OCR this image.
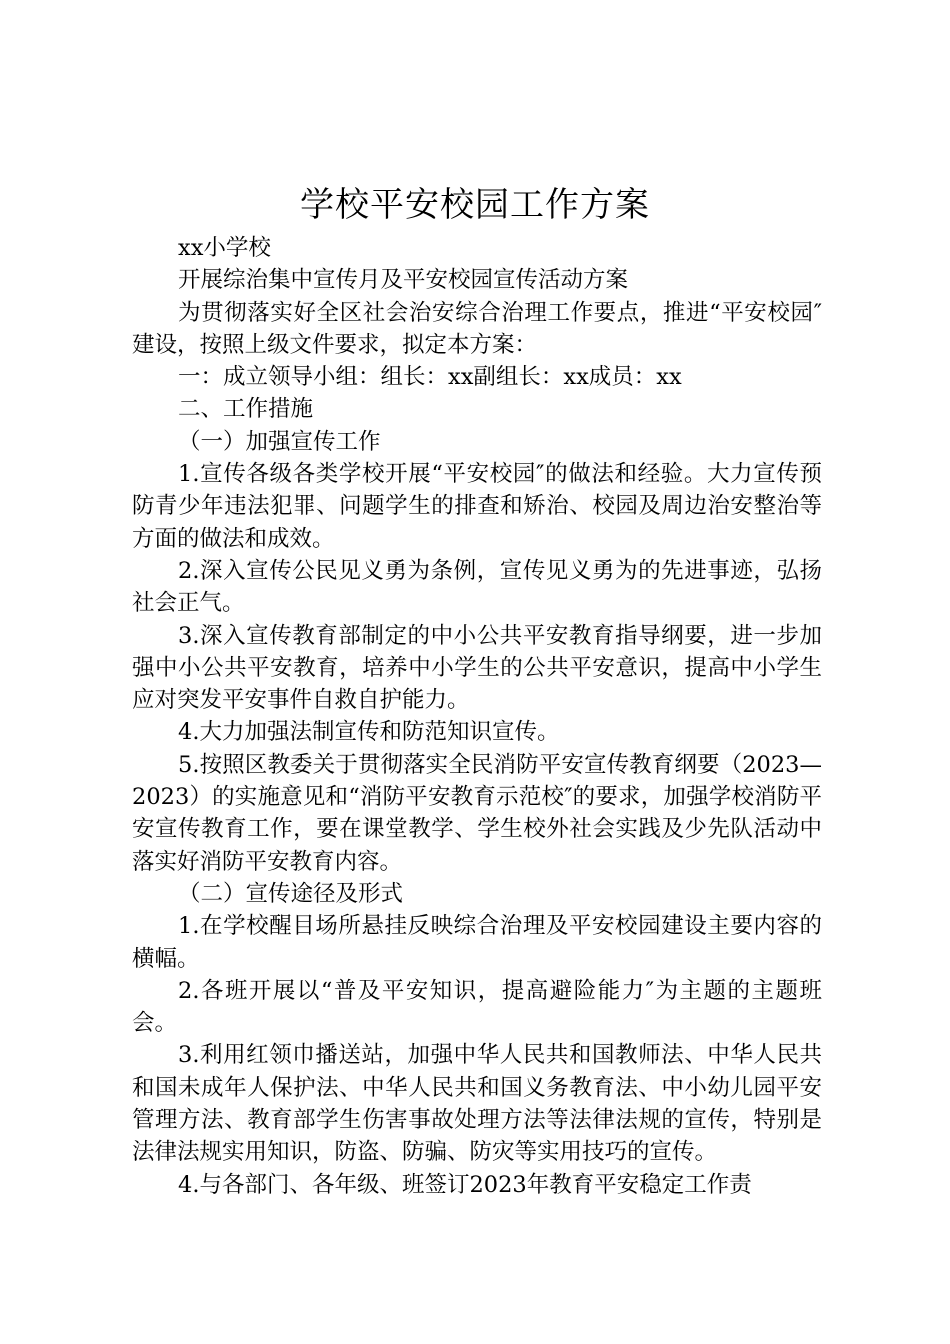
学校平安校园工作方案

xx小学校

开展综治集中宣传月及平安校园宣传活动方案

为贯彻落实好全区社会治安综合治理工作要点，推进“平安校园″建设，按照上级文件要求，拟定本方案：

一：成立领导小组：组长：xx副组长：xx成员：xx

二、工作措施

（一）加强宣传工作

1.宣传各级各类学校开展“平安校园″的做法和经验。大力宣传预防青少年违法犯罪、问题学生的排查和矫治、校园及周边治安整治等方面的做法和成效。

2.深入宣传公民见义勇为条例，宣传见义勇为的先进事迹，弘扬社会正气。

3.深入宣传教育部制定的中小公共平安教育指导纲要，进一步加强中小公共平安教育，培养中小学生的公共平安意识，提高中小学生应对突发平安事件自救自护能力。

4.大力加强法制宣传和防范知识宣传。

5.按照区教委关于贯彻落实全民消防平安宣传教育纲要（2023—2023）的实施意见和“消防平安教育示范校″的要求，加强学校消防平安宣传教育工作，要在课堂教学、学生校外社会实践及少先队活动中落实好消防平安教育内容。

（二）宣传途径及形式

1.在学校醒目场所悬挂反映综合治理及平安校园建设主要内容的横幅。

2.各班开展以“普及平安知识，提高避险能力″为主题的主题班会。

3.利用红领巾播送站，加强中华人民共和国教师法、中华人民共和国未成年人保护法、中华人民共和国义务教育法、中小幼儿园平安管理方法、教育部学生伤害事故处理方法等法律法规的宣传，特别是法律法规实用知识，防盗、防骗、防灾等实用技巧的宣传。

4.与各部门、各年级、班签订2023年教育平安稳定工作责
